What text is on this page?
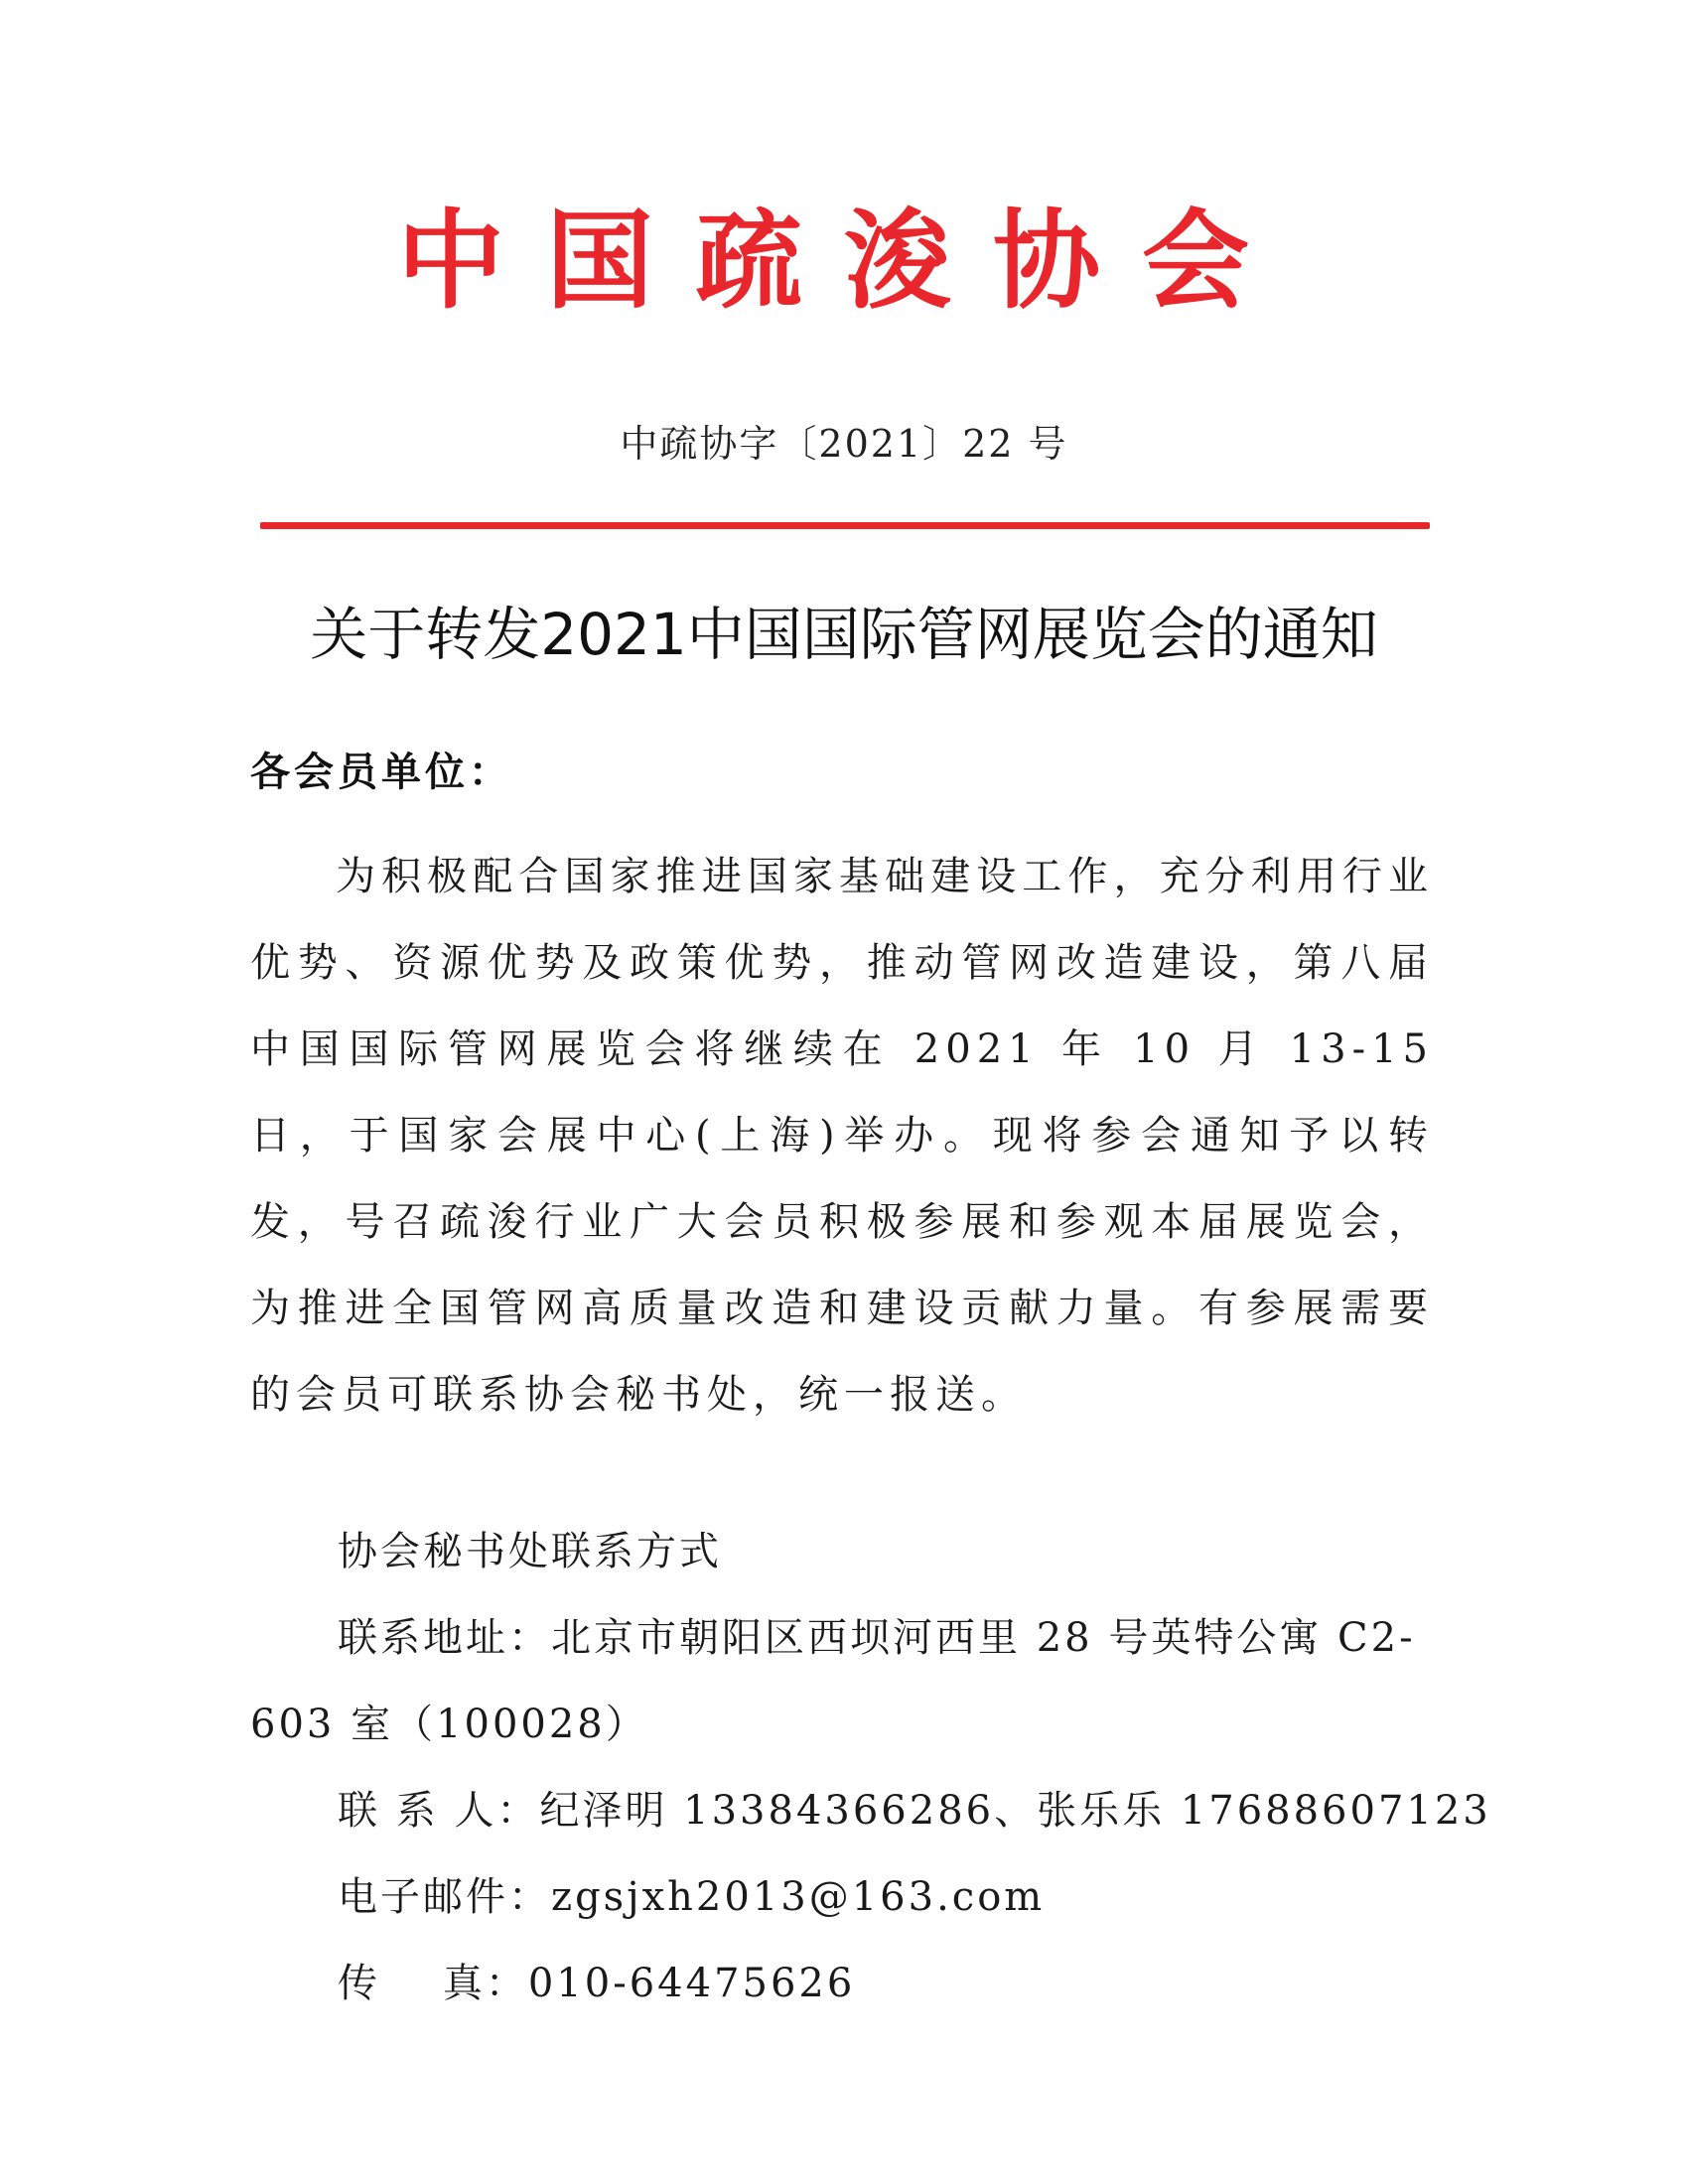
中国疏浚协会
中疏协字〔2021〕22 号
关于转发2021中国国际管网展览会的通知
各会员单位：

为积极配合国家推进国家基础建设工作，充分利用行业优势、资源优势及政策优势，推动管网改造建设，第八届中国国际管网展览会将继续在 2021 年 10 月 13-15 日，于国家会展中心(上海)举办。现将参会通知予以转发，号召疏浚行业广大会员积极参展和参观本届展览会，为推进全国管网高质量改造和建设贡献力量。有参展需要的会员可联系协会秘书处，统一报送。

协会秘书处联系方式
联系地址：北京市朝阳区西坝河西里 28 号英特公寓 C2-
603 室（100028）
联 系 人：纪泽明 13384366286、张乐乐 17688607123
电子邮件：zgsjxh2013@163.com
传    真：010-64475626
